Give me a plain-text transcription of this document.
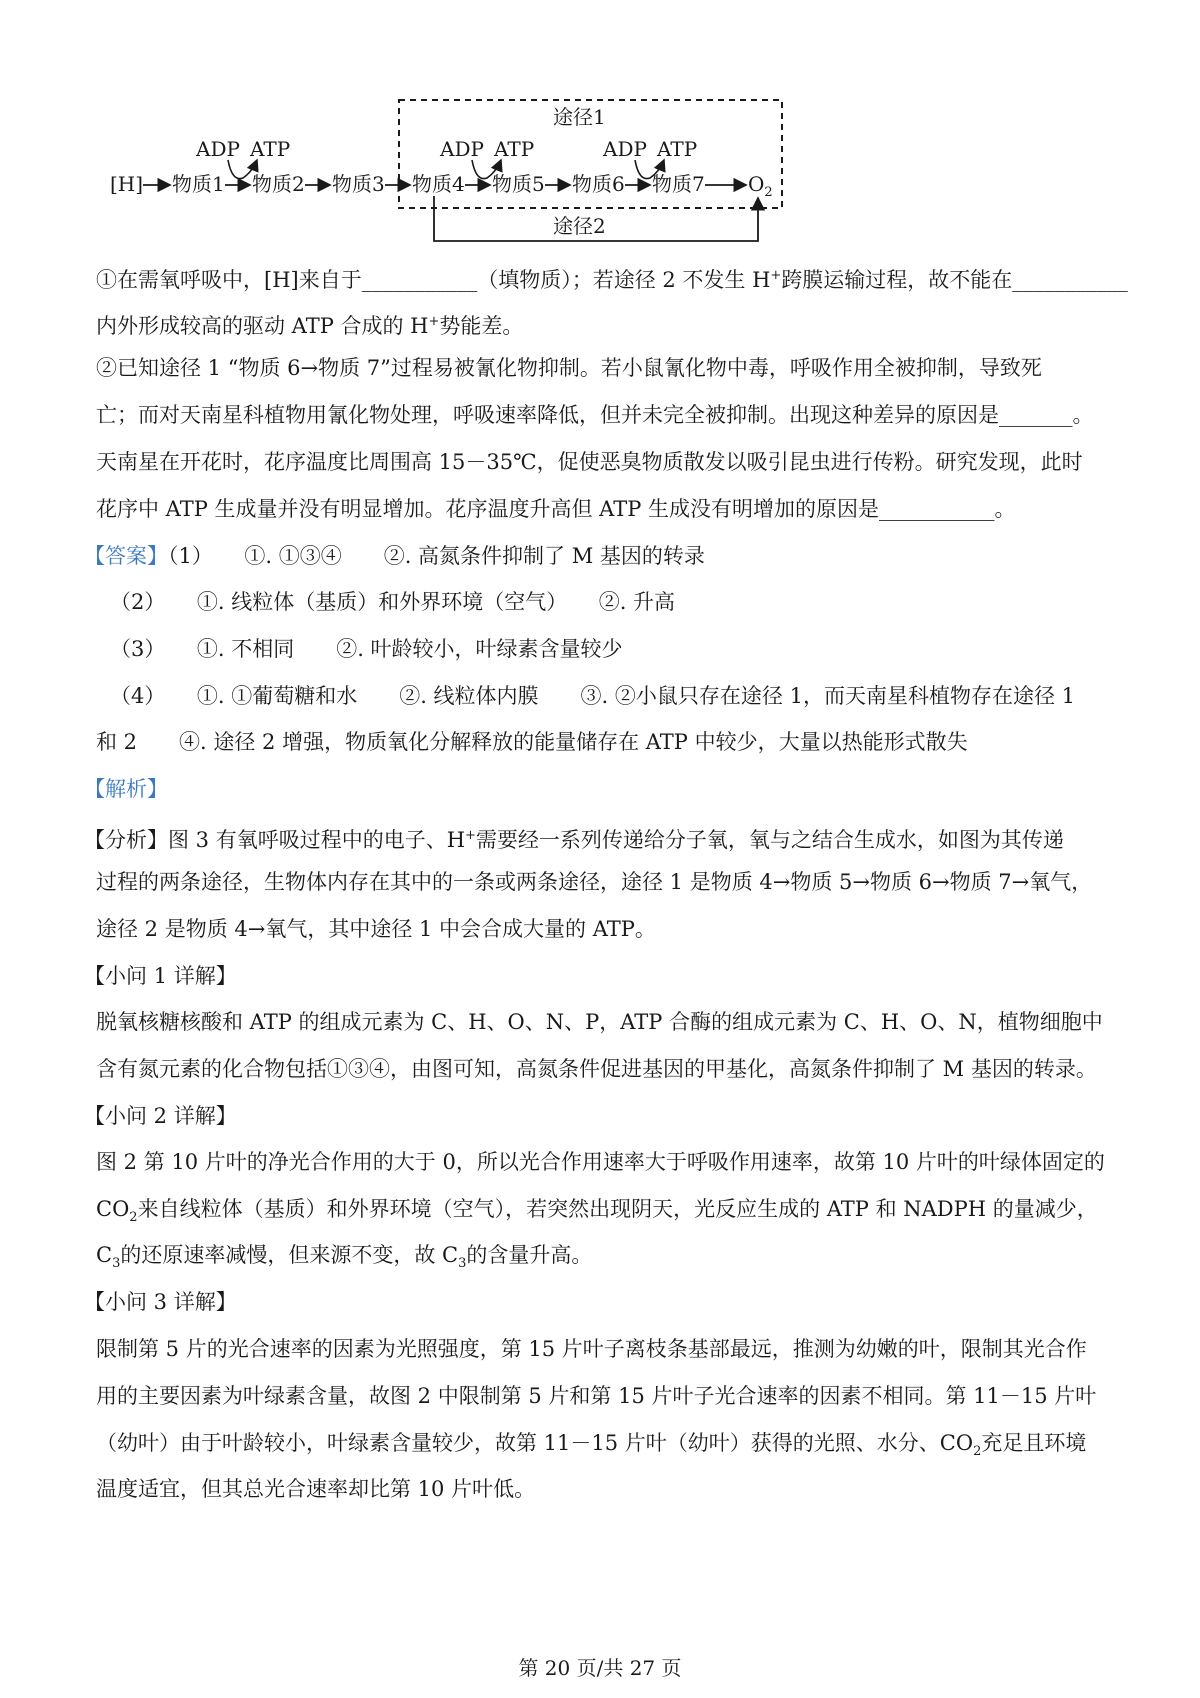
途径1
[H] 物质1 物质2 物质3 物质4 物质5 物质6 物质7 $O_2$
ADP ATP	ADP ATP	ADP ATP
途径2
①在需氧呼吸中，[H]来自于___________（填物质）；若途径 2 不发生 H+跨膜运输过程，故不能在___________
内外形成较高的驱动 ATP 合成的 H+势能差。
②已知途径 1 “物质 6→物质 7”过程易被氰化物抑制。若小鼠氰化物中毒，呼吸作用全被抑制，导致死
亡；而对天南星科植物用氰化物处理，呼吸速率降低，但并未完全被抑制。出现这种差异的原因是_______。
天南星在开花时，花序温度比周围高 15－35℃，促使恶臭物质散发以吸引昆虫进行传粉。研究发现，此时
花序中 ATP 生成量并没有明显增加。花序温度升高但 ATP 生成没有明增加的原因是___________。
【答案】（1）　　①. ①③④　　②. 高氮条件抑制了 M 基因的转录
（2）　　①. 线粒体（基质）和外界环境（空气）　　②. 升高
（3）　　①. 不相同　　②. 叶龄较小，叶绿素含量较少
（4）　　①. ①葡萄糖和水　　②. 线粒体内膜　　③. ②小鼠只存在途径 1，而天南星科植物存在途径 1
和 2　　④. 途径 2 增强，物质氧化分解释放的能量储存在 ATP 中较少，大量以热能形式散失
【解析】
【分析】图 3 有氧呼吸过程中的电子、H+需要经一系列传递给分子氧，氧与之结合生成水，如图为其传递
过程的两条途径，生物体内存在其中的一条或两条途径，途径 1 是物质 4→物质 5→物质 6→物质 7→氧气，
途径 2 是物质 4→氧气，其中途径 1 中会合成大量的 ATP。
【小问 1 详解】
脱氧核糖核酸和 ATP 的组成元素为 C、H、O、N、P，ATP 合酶的组成元素为 C、H、O、N，植物细胞中
含有氮元素的化合物包括①③④，由图可知，高氮条件促进基因的甲基化，高氮条件抑制了 M 基因的转录。
【小问 2 详解】
图 2 第 10 片叶的净光合作用的大于 0，所以光合作用速率大于呼吸作用速率，故第 10 片叶的叶绿体固定的
$CO_2$来自线粒体（基质）和外界环境（空气），若突然出现阴天，光反应生成的 ATP 和 NADPH 的量减少，
$C_3$的还原速率减慢，但来源不变，故 $C_3$的含量升高。
【小问 3 详解】
限制第 5 片的光合速率的因素为光照强度，第 15 片叶子离枝条基部最远，推测为幼嫩的叶，限制其光合作
用的主要因素为叶绿素含量，故图 2 中限制第 5 片和第 15 片叶子光合速率的因素不相同。第 11－15 片叶
（幼叶）由于叶龄较小，叶绿素含量较少，故第 11－15 片叶（幼叶）获得的光照、水分、$CO_2$充足且环境
温度适宜，但其总光合速率却比第 10 片叶低。
第 20 页/共 27 页
